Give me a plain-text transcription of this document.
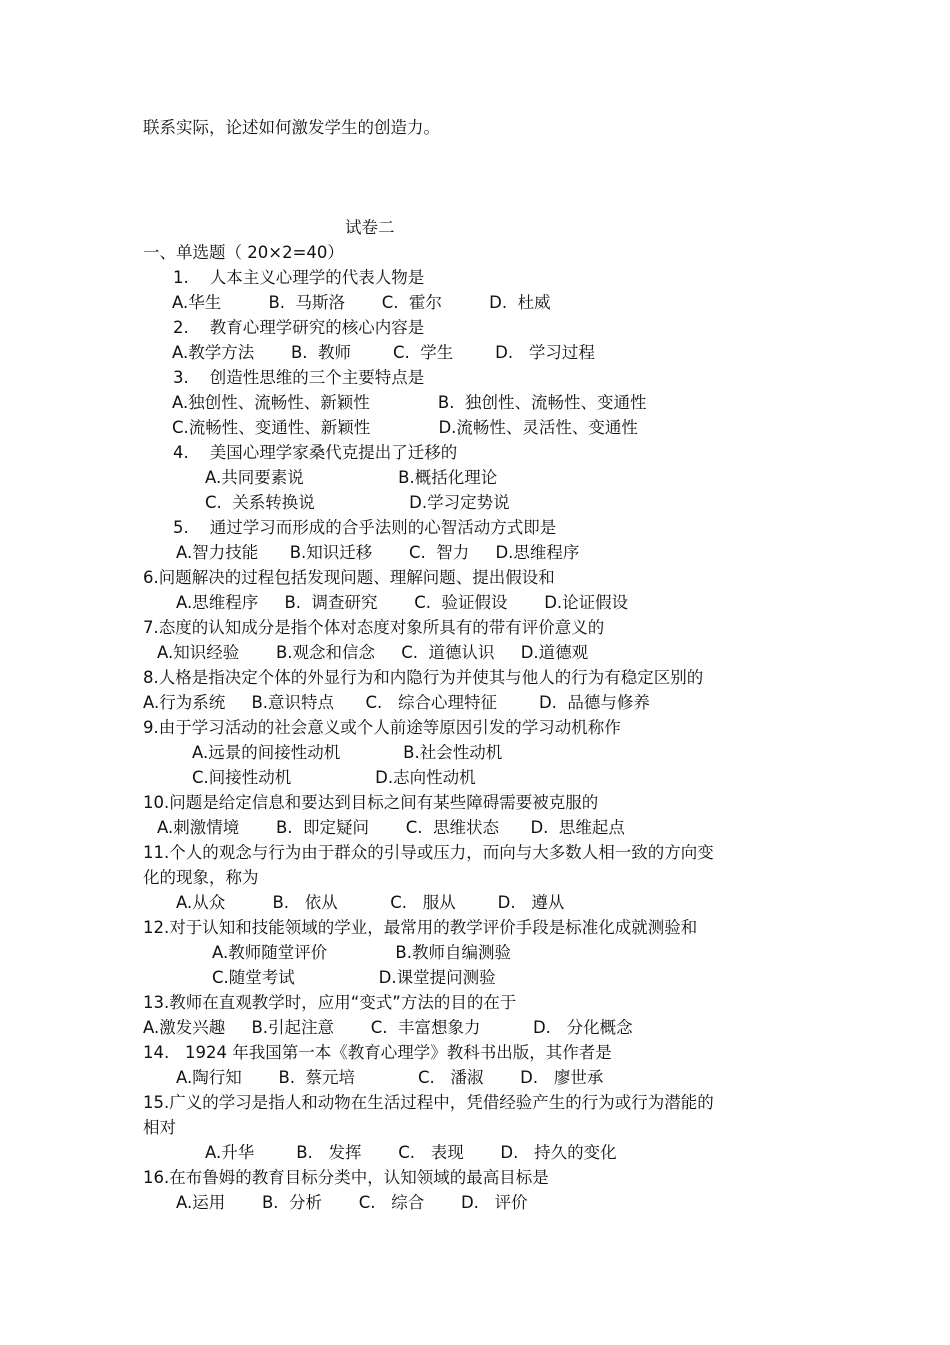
联系实际，论述如何激发学生的创造力。
试卷二
一、单选题（ 20×2=40）
1.    人本主义心理学的代表人物是
A.华生         B.  马斯洛       C.  霍尔         D.  杜威
2.    教育心理学研究的核心内容是
A.教学方法       B.  教师        C.  学生        D.   学习过程
3.    创造性思维的三个主要特点是
A.独创性、流畅性、新颖性             B.  独创性、流畅性、变通性
C.流畅性、变通性、新颖性             D.流畅性、灵活性、变通性
4.    美国心理学家桑代克提出了迁移的
A.共同要素说                  B.概括化理论
C.  关系转换说                  D.学习定势说
5.    通过学习而形成的合乎法则的心智活动方式即是
A.智力技能      B.知识迁移       C.  智力     D.思维程序
6.问题解决的过程包括发现问题、理解问题、提出假设和
A.思维程序     B.  调查研究       C.  验证假设       D.论证假设
7.态度的认知成分是指个体对态度对象所具有的带有评价意义的
A.知识经验       B.观念和信念     C.  道德认识     D.道德观
8.人格是指决定个体的外显行为和内隐行为并使其与他人的行为有稳定区别的
A.行为系统     B.意识特点      C.   综合心理特征        D.  品德与修养
9.由于学习活动的社会意义或个人前途等原因引发的学习动机称作
A.远景的间接性动机            B.社会性动机
C.间接性动机                D.志向性动机
10.问题是给定信息和要达到目标之间有某些障碍需要被克服的
A.刺激情境       B.  即定疑问       C.  思维状态      D.  思维起点
11.个人的观念与行为由于群众的引导或压力，而向与大多数人相一致的方向变
化的现象，称为
A.从众         B.   依从          C.   服从        D.   遵从
12.对于认知和技能领域的学业，最常用的教学评价手段是标准化成就测验和
A.教师随堂评价             B.教师自编测验
C.随堂考试                D.课堂提问测验
13.教师在直观教学时，应用“变式”方法的目的在于
A.激发兴趣     B.引起注意       C.  丰富想象力          D.   分化概念
14.   1924 年我国第一本《教育心理学》教科书出版，其作者是
A.陶行知       B.  蔡元培            C.   潘淑       D.   廖世承
15.广义的学习是指人和动物在生活过程中，凭借经验产生的行为或行为潜能的
相对
A.升华        B.   发挥       C.   表现       D.   持久的变化
16.在布鲁姆的教育目标分类中，认知领域的最高目标是
A.运用       B.  分析       C.   综合       D.   评价
